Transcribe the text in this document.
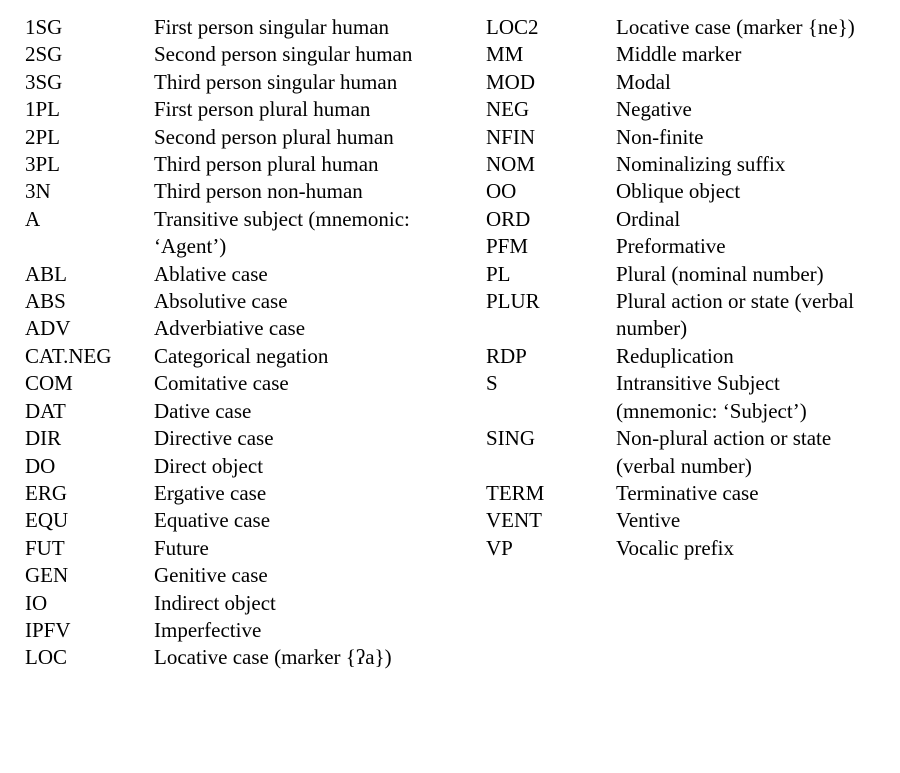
1SG	First person singular human
2SG	Second person singular human
3SG	Third person singular human
1PL	First person plural human
2PL	Second person plural human
3PL	Third person plural human
3N	Third person non-human
A	Transitive subject (mnemonic: ‘Agent’)
ABL	Ablative case
ABS	Absolutive case
ADV	Adverbiative case
CAT.NEG	Categorical negation
COM	Comitative case
DAT	Dative case
DIR	Directive case
DO	Direct object
ERG	Ergative case
EQU	Equative case
FUT	Future
GEN	Genitive case
IO	Indirect object
IPFV	Imperfective
LOC	Locative case (marker {ʔa})
LOC2	Locative case (marker {ne})
MM	Middle marker
MOD	Modal
NEG	Negative
NFIN	Non-finite
NOM	Nominalizing suffix
OO	Oblique object
ORD	Ordinal
PFM	Preformative
PL	Plural (nominal number)
PLUR	Plural action or state (verbal number)
RDP	Reduplication
S	Intransitive Subject (mnemonic: ‘Subject’)
SING	Non-plural action or state (verbal number)
TERM	Terminative case
VENT	Ventive
VP	Vocalic prefix
